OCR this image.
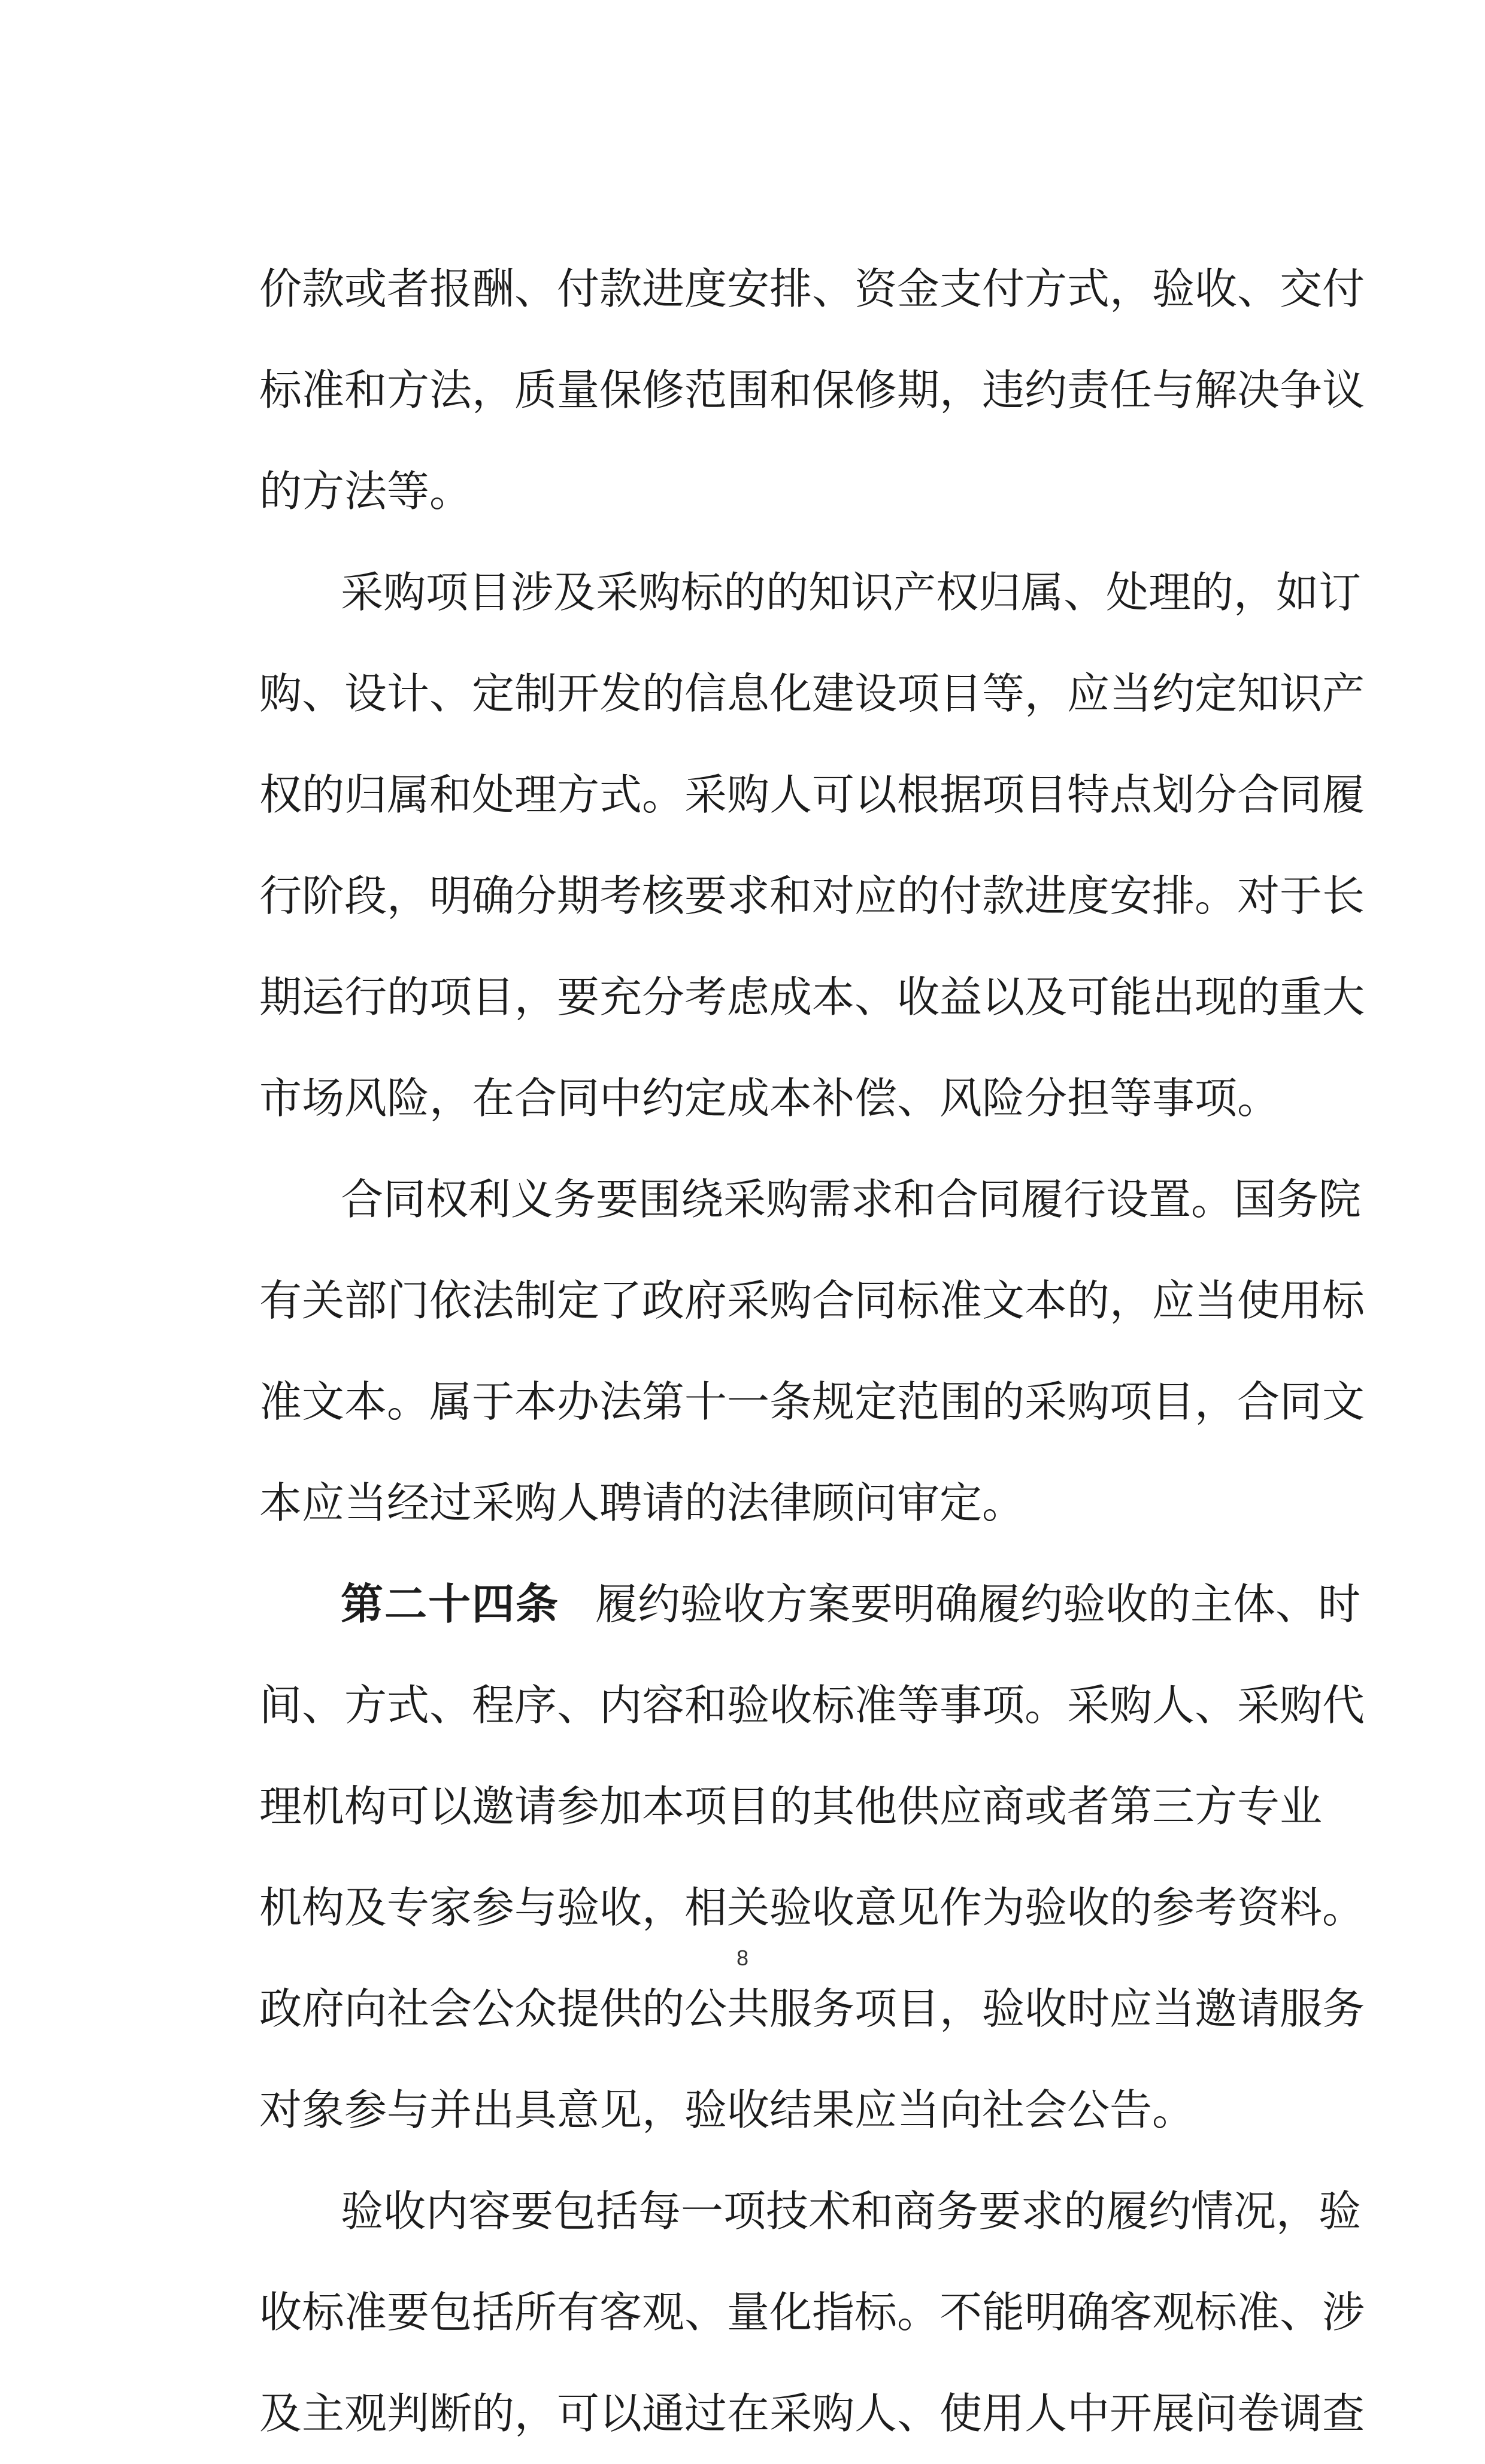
价款或者报酬、付款进度安排、资金支付方式，验收、交付
标准和方法，质量保修范围和保修期，违约责任与解决争议
的方法等。
采购项目涉及采购标的的知识产权归属、处理的，如订
购、设计、定制开发的信息化建设项目等，应当约定知识产
权的归属和处理方式。采购人可以根据项目特点划分合同履
行阶段，明确分期考核要求和对应的付款进度安排。对于长
期运行的项目，要充分考虑成本、收益以及可能出现的重大
市场风险，在合同中约定成本补偿、风险分担等事项。
合同权利义务要围绕采购需求和合同履行设置。国务院
有关部门依法制定了政府采购合同标准文本的，应当使用标
准文本。属于本办法第十一条规定范围的采购项目，合同文
本应当经过采购人聘请的法律顾问审定。
第二十四条 履约验收方案要明确履约验收的主体、时
间、方式、程序、内容和验收标准等事项。采购人、采购代
理机构可以邀请参加本项目的其他供应商或者第三方专业
机构及专家参与验收，相关验收意见作为验收的参考资料。
政府向社会公众提供的公共服务项目，验收时应当邀请服务
对象参与并出具意见，验收结果应当向社会公告。
验收内容要包括每一项技术和商务要求的履约情况，验
收标准要包括所有客观、量化指标。不能明确客观标准、涉
及主观判断的，可以通过在采购人、使用人中开展问卷调查
8
